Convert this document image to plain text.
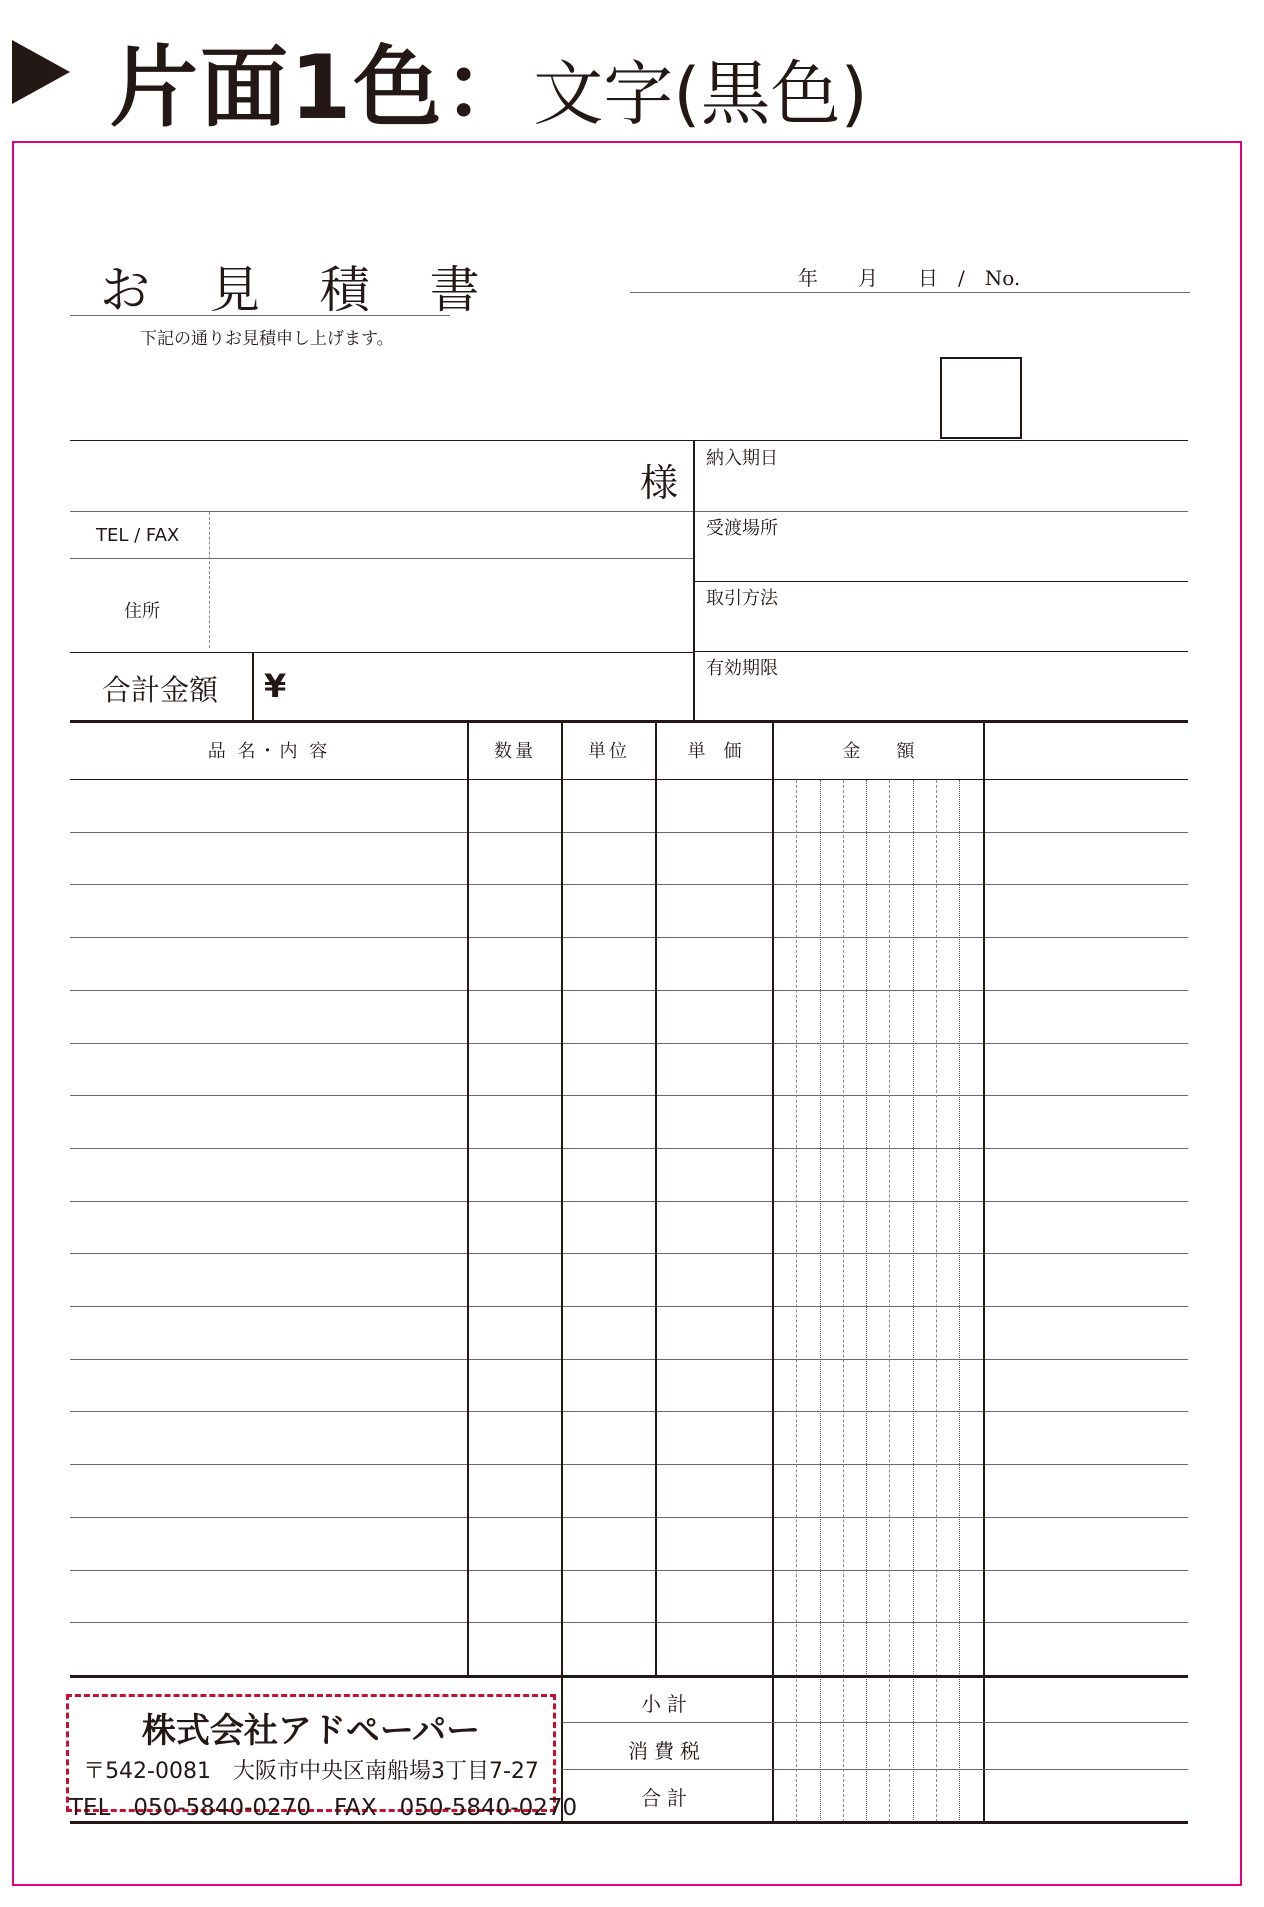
片面1色：文字(黒色)
お 見 積 書
下記の通りお見積申し上げます。
年　　月　　日　/　No.
様
TEL / FAX
住所
合計金額 ¥
納入期日
受渡場所
取引方法
有効期限
品 名・内 容	数量	単位	単　価	金　　額
小計
消費税
合計
株式会社アドペーパー
〒542-0081　大阪市中央区南船場3丁目7-27
TEL　050-5840-0270　FAX　050-5840-0270
